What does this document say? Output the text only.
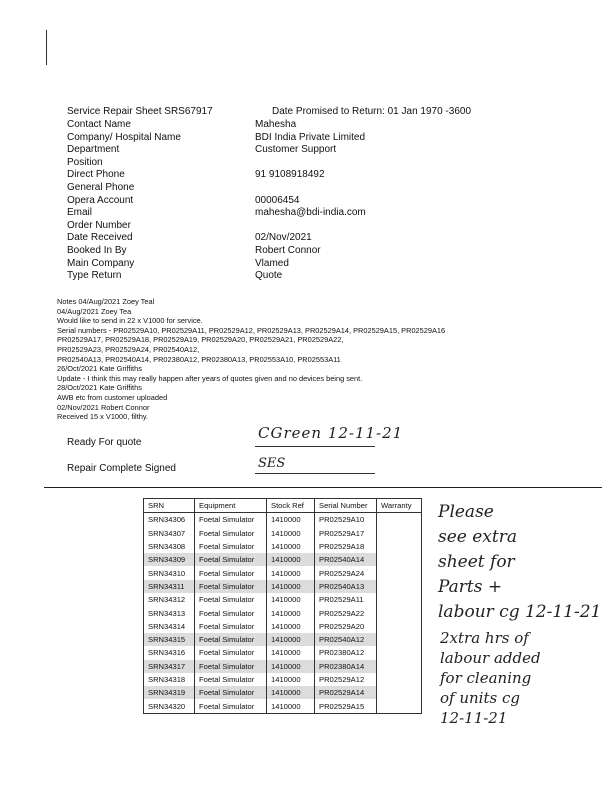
Service Repair Sheet SRS67917	Date Promised to Return: 01 Jan 1970 -3600
Contact Name	Mahesha
Company/ Hospital Name	BDI India Private Limited
Department	Customer Support
Position
Direct Phone	91 9108918492
General Phone
Opera Account	00006454
Email	mahesha@bdi-india.com
Order Number
Date Received	02/Nov/2021
Booked In By	Robert Connor
Main Company	Vlamed
Type Return	Quote
Notes 04/Aug/2021 Zoey Teal
04/Aug/2021 Zoey Tea
Would like to send in 22 x V1000 for service.
Serial numbers - PR02529A10, PR02529A11, PR02529A12, PR02529A13, PR02529A14, PR02529A15, PR02529A16
PR02529A17, PR02529A18, PR02529A19, PR02529A20, PR02529A21, PR02529A22,
PR02529A23, PR02529A24, PR02540A12,
PR02540A13, PR02540A14, PR02380A12, PR02380A13, PR02553A10, PR02553A11
26/Oct/2021 Kate Griffiths
Update - I think this may really happen after years of quotes given and no devices being sent.
28/Oct/2021 Kate Griffiths
AWB etc from customer uploaded
02/Nov/2021 Robert Connor
Received 15 x V1000, filthy.
Ready For quote
CGreen 12-11-21
Repair Complete Signed	SES
SRN	Equipment	Stock Ref	Serial Number	Warranty
SRN34306	Foetal Simulator	1410000	PR02529A10	
SRN34307	Foetal Simulator	1410000	PR02529A17	
SRN34308	Foetal Simulator	1410000	PR02529A18	
SRN34309	Foetal Simulator	1410000	PR02540A14	
SRN34310	Foetal Simulator	1410000	PR02529A24	
SRN34311	Foetal Simulator	1410000	PR02540A13	
SRN34312	Foetal Simulator	1410000	PR02529A11	
SRN34313	Foetal Simulator	1410000	PR02529A22	
SRN34314	Foetal Simulator	1410000	PR02529A20	
SRN34315	Foetal Simulator	1410000	PR02540A12	
SRN34316	Foetal Simulator	1410000	PR02380A12	
SRN34317	Foetal Simulator	1410000	PR02380A14	
SRN34318	Foetal Simulator	1410000	PR02529A12	
SRN34319	Foetal Simulator	1410000	PR02529A14	
SRN34320	Foetal Simulator	1410000	PR02529A15	
Please
see extra
sheet for
Parts +
labour cg 12-11-21
2xtra hrs of
labour added
for cleaning
of units cg
12-11-21
